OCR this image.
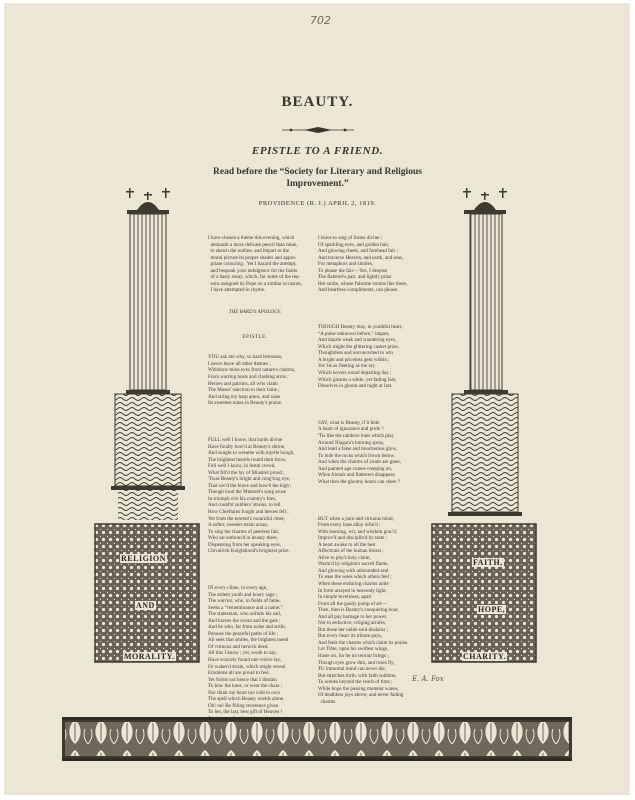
702
BEAUTY.
EPISTLE TO A FRIEND.
Read before the “Society for Literary and Religious Improvement.”
PROVIDENCE (R. I.) APRIL 2, 1819.
RELIGION
AND
MORALITY.
FAITH,
HOPE,
CHARITY.

I have chosen a theme this evening, which
demands a more delicate pencil than mine,
to sketch the outline, and impart to the
moral picture its proper shades and appro-
priate colouring.  Yet I hazard the attempt,
and bespeak your indulgence for the faults
of a hasty essay, which, for some of the rea-
sons assigned by Pope on a similar occasion,
I have attempted in rhyme.

THE BARD'S APOLOGY.

EPISTLE.

YOU ask me why, so hard bemoans,
I never leave all other themes ;
Withdraw mine eyes from nature's charms,
From warring hosts and clashing arms ;
Heroes and patriots, all who claim
The Muses' sanction to their fame ;
And string my harp anew, and raise
Its sweetest notes in Beauty's praise.

FULL well I know, that bards divine
Have fondly bow'd at Beauty's shrine,
And sought to wreathe with myrtle bough,
The brightest laurels round their brow.
Full well I know, in festal crowd,
What fill'd the lay of Minstrel proud ;
'Twas Beauty's bright and cong'ring eye,
That sav'd the brave and bow'd the high ;
Though loud the Minstrel's song arose
In triumph o'er his country's foes,
And could'st soldiers' strains, to tell
How Chieftains fought and heroes fell ;
Yet from the tenrent's mournful close,
A softer, sweeter strain arose,
To sing the charms of peerless fair,
Who sat enthron'd in beauty there,
Dispensing from her speaking eyes,
Chivalrick Knighthood's brightest prize.

IN every clime, in every age,
The ardent youth and hoary sage ;
The warrior, who, in fields of fame,
Seeks a “remembrance and a name;”
The statesman, who unfurls his sail,
And braves the ocean and the gale ;
And he who, far from noise and strife,
Pursues the peaceful paths of life ;
All seek that smiles, the brightest meed
Of virtuous and heroick deed.
All this I know ; yet, sooth to say,
Have scarcely found one votive lay,
Or wakes'd strain, which might reveal
Emotions all are proud to feel.
Yet forms not hence that I disdain
To bow the knee, or wear the chain ;
Nor think my heart too cold to own
The spell which Beauty wields alone.
Oh! no! Be filling reverence given
To her, the last, best gift of Heaven !

I leave to sing of forms divine ;
Of sparkling eyes, and golden hair,
And glowing cheek, and forehead fair ;
And traverse Heaven, and earth, and seas,
For metaphors and similes,
To please the fair.—Yes, I despise
The flatterer's part, and lightly prize
Her smile, whose fulsome strains like these,
And heartless compliments, can please.

THOUGH Beauty may, in youthful heart,
“A pulse unknown before,” impart,
And dazzle weak and wandering eyes,
Which might the glittering casket prize,
Thoughtless and unconcerned to win
A bright and priceless gem within ;
Yet 'tis as fleeting as the ray
Which hovers round departing day ;
Which gleams a while, yet fading fast,
Dissolves in gloom and night at last.

SAY, what is Beauty, if it hide
A heart of ignorance and pride ?
'Tis like the rainbow hues which play
Around Niagara's burning spray,
And lend a false and treacherous glow,
To hide the rocks which frown below.
And when the charms of youth are gone,
And painted age comes creeping on,
When friends and flatterers disappear,
What then the gloomy hours can cheer ?

BUT when a pure and virtuous mind,
From every base alloy refin'd ;
With learning, wit, and wisdom grac'd,
Improv'd and disciplin'd by taste ;
A heart awake to all the best
Affections of the human breast ;
Alive to pity's holy claim,
Warm'd by religion's sacred flame,
And glowing with unbounded zeal
To ease the woes which others feel ;
When these enduring charms unite
In form arrayed in heavenly light,
In simple loveliness, apart
From all the gaudy pomp of art—
Then, then is Beauty's conquering hour,
And all pay homage to her power,
Not to seductive, crilging arrafes,
But these her noble soul disdains ;
But every heart its tribute pays,
And feels the charms which claim its praise.
Let Time, upon his swiftest wings,
Haste on, for he no terrour brings ;
Though eyes grow dim, and roses fly,
Th' immortal mind can never die,
But stretches forth, with faith sublime,
To scenes beyond the reach of time ;
While hope the passing moment wanes,
Of deathless joys above, and never fading
charms.

E. A. Fox
